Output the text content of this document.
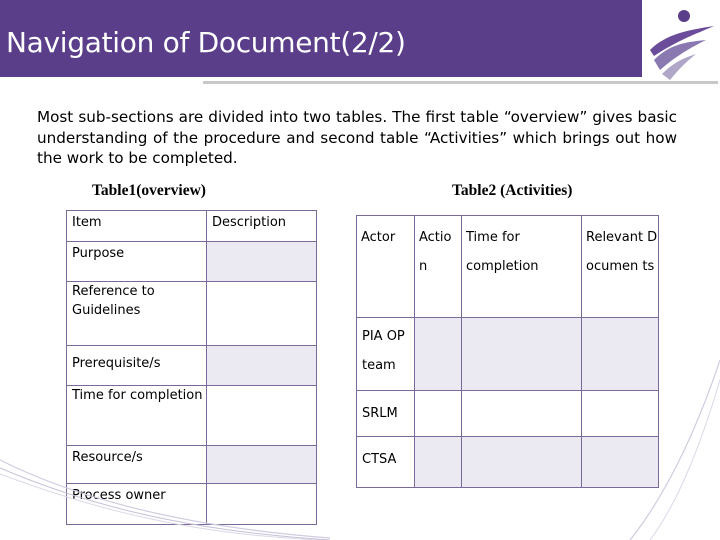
Navigation of Document(2/2)
Most sub-sections are divided into two tables. The first table “overview” gives basic understanding of the procedure and second table “Activities” which brings out how the work to be completed.
Table1(overview)	Table2 (Activities)
Item	Description
Purpose	
Reference to Guidelines	
Prerequisite/s	
Time for completion	
Resource/s	
Process owner	
Actor	Actio n	Time for completion	Relevant Documen ts
PIA OP team			
SRLM			
CTSA			
